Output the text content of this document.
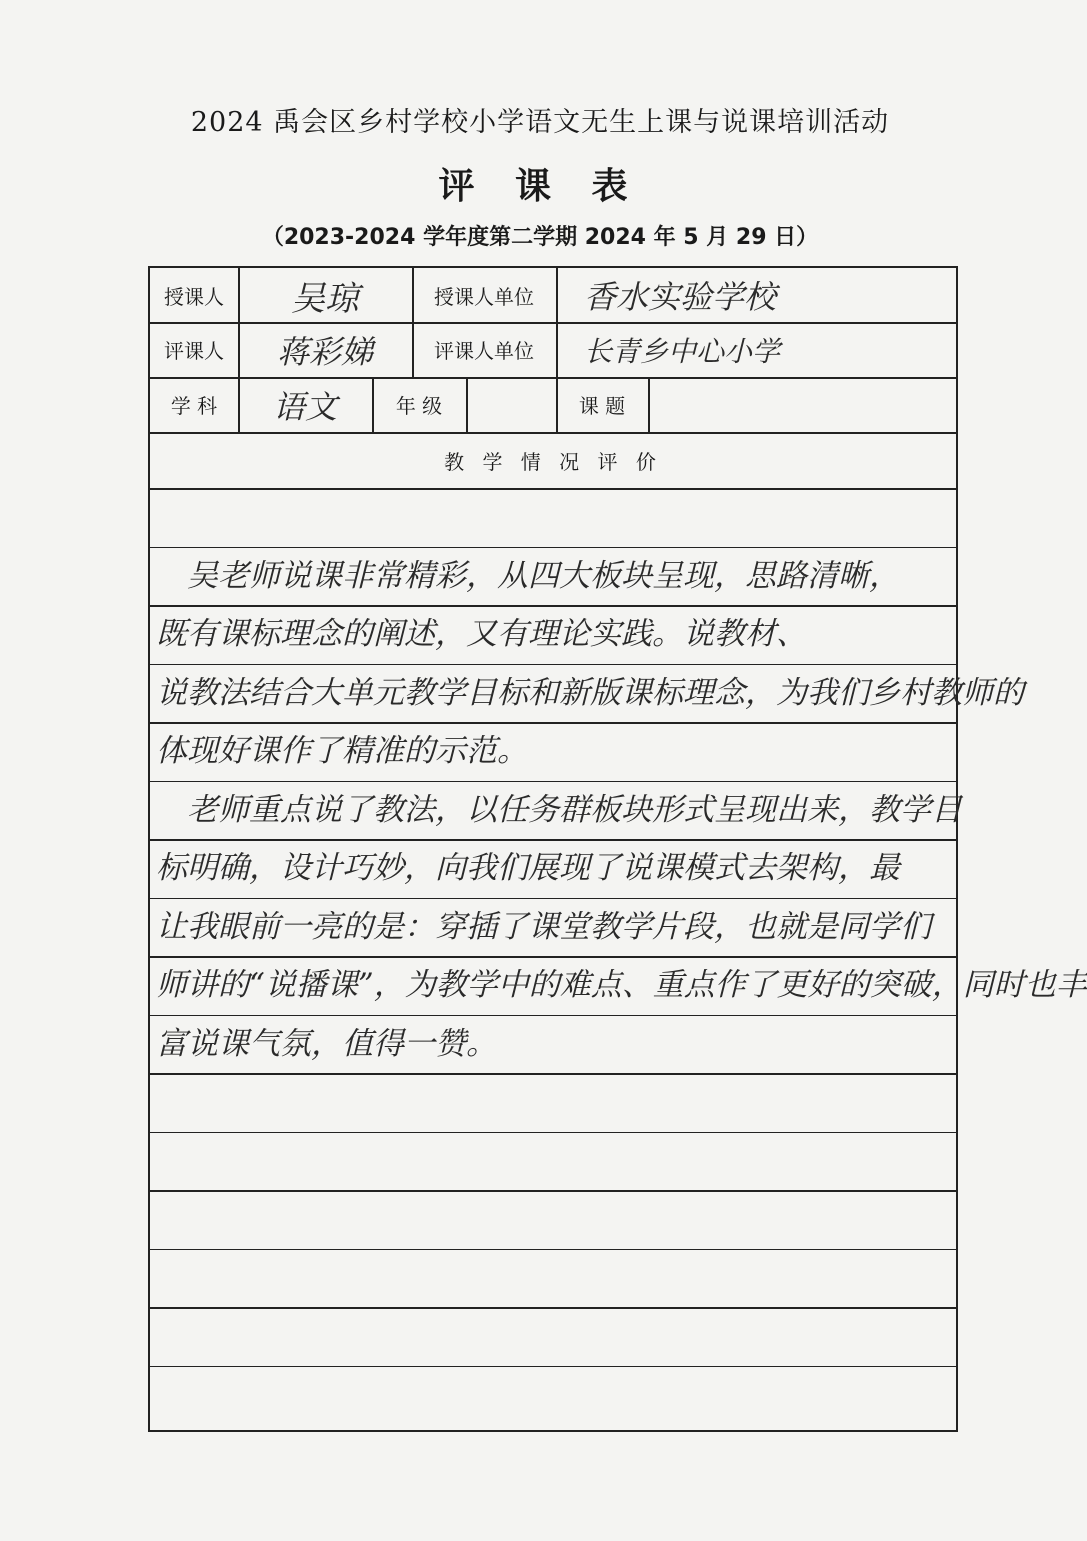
2024 禹会区乡村学校小学语文无生上课与说课培训活动
评 课 表
（2023-2024 学年度第二学期 2024 年 5 月 29 日）
授课人	吴琼	授课人单位	香水实验学校
评课人	蒋彩娣	评课人单位	长青乡中心小学
学 科	语文	年 级	课 题
教 学 情 况 评 价
　吴老师说课非常精彩，从四大板块呈现，思路清晰，
既有课标理念的阐述，又有理论实践。说教材、
说教法结合大单元教学目标和新版课标理念，为我们乡村教师的
体现好课作了精准的示范。
　老师重点说了教法，以任务群板块形式呈现出来，教学目
标明确，设计巧妙，向我们展现了说课模式去架构，最
让我眼前一亮的是：穿插了课堂教学片段，也就是同学们
师讲的“说播课”，为教学中的难点、重点作了更好的突破，同时也丰
富说课气氛，值得一赞。
